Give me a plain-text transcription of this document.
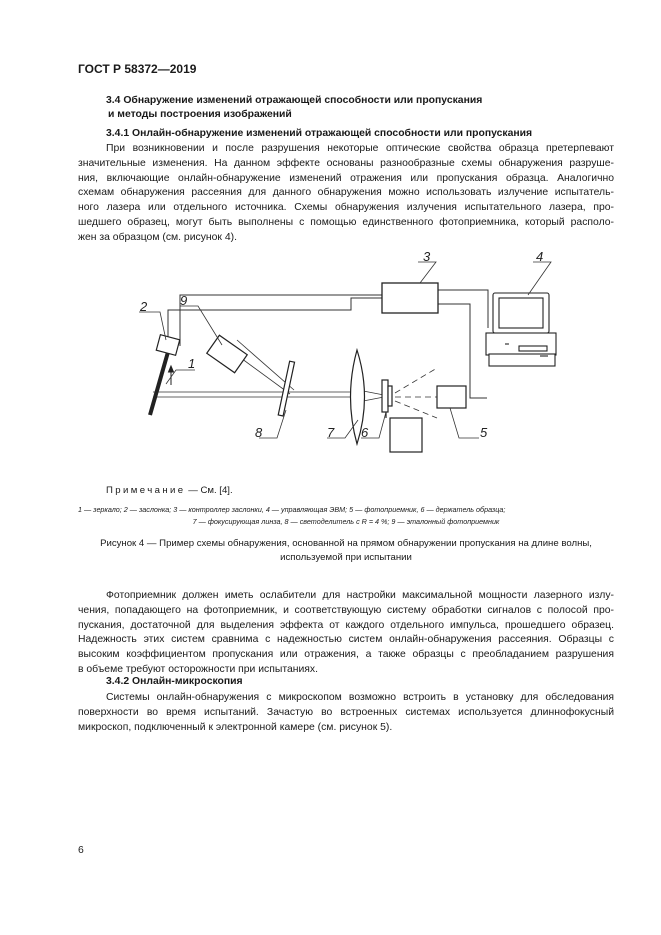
ГОСТ Р 58372—2019
3.4 Обнаружение изменений отражающей способности или пропускания
и методы построения изображений
3.4.1 Онлайн-обнаружение изменений отражающей способности или пропускания
При возникновении и после разрушения некоторые оптические свойства образца претерпевают
значительные изменения. На данном эффекте основаны разнообразные схемы обнаружения разруше-
ния, включающие онлайн-обнаружение изменений отражения или пропускания образца. Аналогично
схемам обнаружения рассеяния для данного обнаружения можно использовать излучение испытатель-
ного лазера или отдельного источника. Схемы обнаружения излучения испытательного лазера, про-
шедшего образец, могут быть выполнены с помощью единственного фотоприемника, который располо-
жен за образцом (см. рисунок 4).
2	9
3	4
1
5
8	7 6
Примечание — См. [4].
1 — зеркало; 2 — заслонка; 3 — контроллер заслонки, 4 — управляющая ЭВМ; 5 — фотоприемник, 6 — держатель образца;
7 — фокусирующая линза, 8 — светоделитель с R = 4 %; 9 — эталонный фотоприемник
Рисунок 4 — Пример схемы обнаружения, основанной на прямом обнаружении пропускания на длине волны,
используемой при испытании
Фотоприемник должен иметь ослабители для настройки максимальной мощности лазерного излу-
чения, попадающего на фотоприемник, и соответствующую систему обработки сигналов с полосой про-
пускания, достаточной для выделения эффекта от каждого отдельного импульса, прошедшего образец.
Надежность этих систем сравнима с надежностью систем онлайн-обнаружения рассеяния. Образцы с
высоким коэффициентом пропускания или отражения, а также образцы с преобладанием разрушения
в объеме требуют осторожности при испытаниях.
3.4.2 Онлайн-микроскопия
Системы онлайн-обнаружения с микроскопом возможно встроить в установку для обследования
поверхности во время испытаний. Зачастую во встроенных системах используется длиннофокусный
микроскоп, подключенный к электронной камере (см. рисунок 5).
6
